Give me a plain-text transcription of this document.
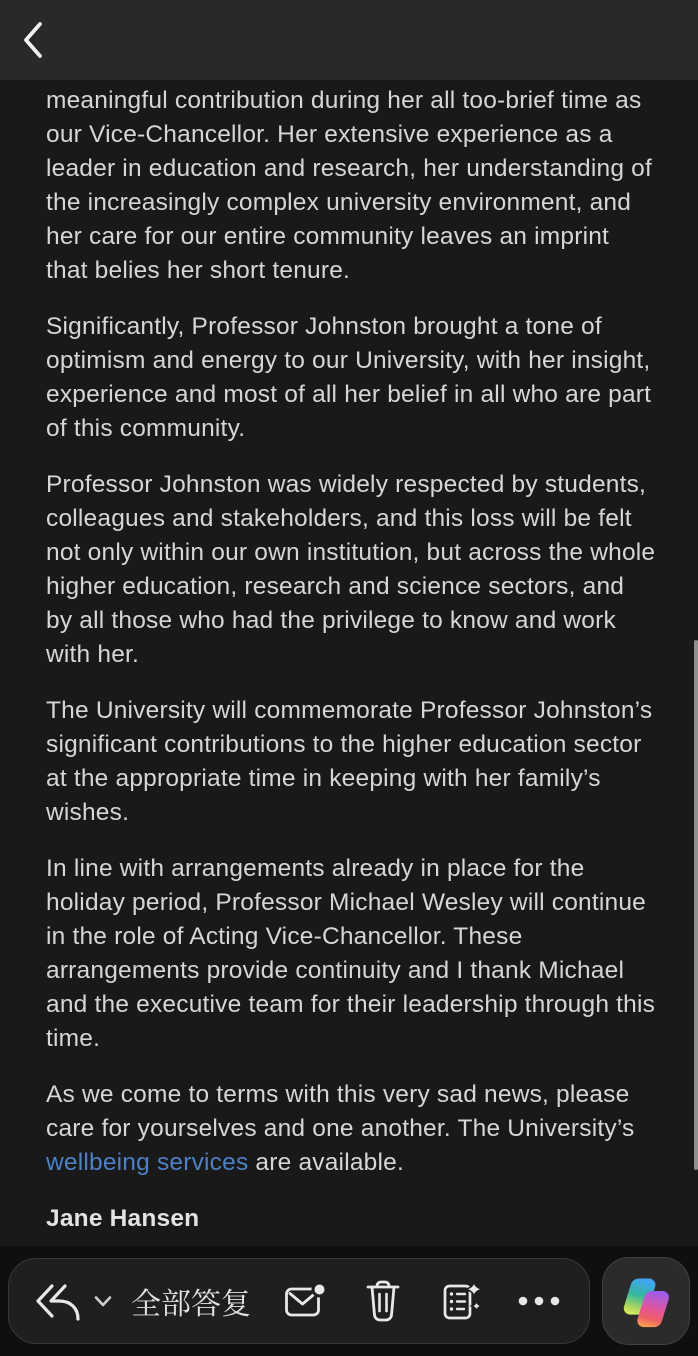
meaningful contribution during her all too-brief time as our Vice-Chancellor. Her extensive experience as a leader in education and research, her understanding of the increasingly complex university environment, and her care for our entire community leaves an imprint that belies her short tenure.

Significantly, Professor Johnston brought a tone of optimism and energy to our University, with her insight, experience and most of all her belief in all who are part of this community.

Professor Johnston was widely respected by students, colleagues and stakeholders, and this loss will be felt not only within our own institution, but across the whole higher education, research and science sectors, and by all those who had the privilege to know and work with her.

The University will commemorate Professor Johnston’s significant contributions to the higher education sector at the appropriate time in keeping with her family’s wishes.

In line with arrangements already in place for the holiday period, Professor Michael Wesley will continue in the role of Acting Vice-Chancellor. These arrangements provide continuity and I thank Michael and the executive team for their leadership through this time.

As we come to terms with this very sad news, please care for yourselves and one another. The University’s wellbeing services are available.

Jane Hansen

全部答复
